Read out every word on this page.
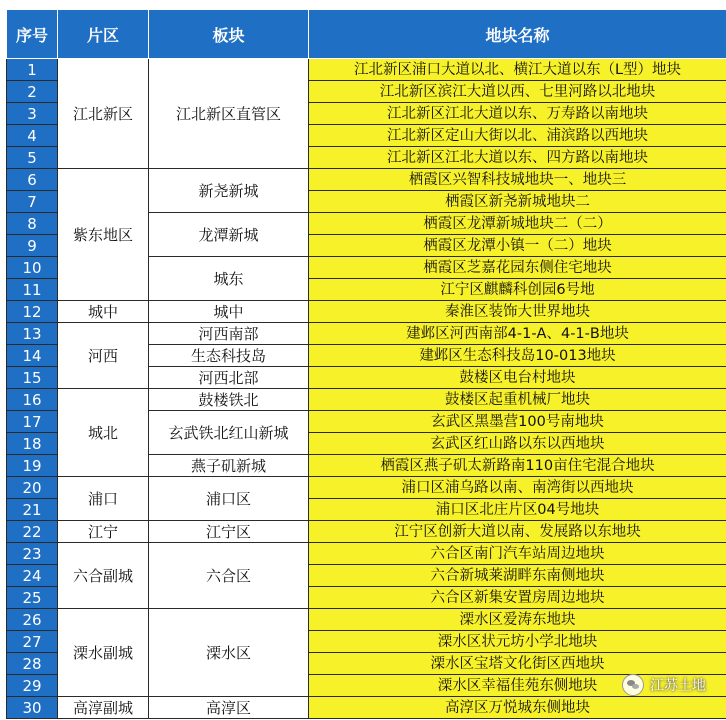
序号	片区	板块	地块名称
1	江北新区	江北新区直管区	江北新区浦口大道以北、横江大道以东（L型）地块
2			江北新区滨江大道以西、七里河路以北地块
3			江北新区江北大道以东、万寿路以南地块
4			江北新区定山大街以北、浦滨路以西地块
5			江北新区江北大道以东、四方路以南地块
6	紫东地区	新尧新城	栖霞区兴智科技城地块一、地块三
7			栖霞区新尧新城地块二
8		龙潭新城	栖霞区龙潭新城地块二（二）
9			栖霞区龙潭小镇一（二）地块
10		城东	栖霞区芝嘉花园东侧住宅地块
11			江宁区麒麟科创园6号地
12	城中	城中	秦淮区装饰大世界地块
13	河西	河西南部	建邺区河西南部4-1-A、4-1-B地块
14		生态科技岛	建邺区生态科技岛10-013地块
15		河西北部	鼓楼区电台村地块
16	城北	鼓楼铁北	鼓楼区起重机械厂地块
17		玄武铁北红山新城	玄武区黑墨营100号南地块
18			玄武区红山路以东以西地块
19		燕子矶新城	栖霞区燕子矶太新路南110亩住宅混合地块
20	浦口	浦口区	浦口区浦乌路以南、南湾街以西地块
21			浦口区北庄片区04号地块
22	江宁	江宁区	江宁区创新大道以南、发展路以东地块
23	六合副城	六合区	六合区南门汽车站周边地块
24			六合新城莱湖畔东南侧地块
25			六合区新集安置房周边地块
26	溧水副城	溧水区	溧水区爱涛东地块
27			溧水区状元坊小学北地块
28			溧水区宝塔文化街区西地块
29			溧水区幸福佳苑东侧地块
30	高淳副城	高淳区	高淳区万悦城东侧地块
江苏土地
